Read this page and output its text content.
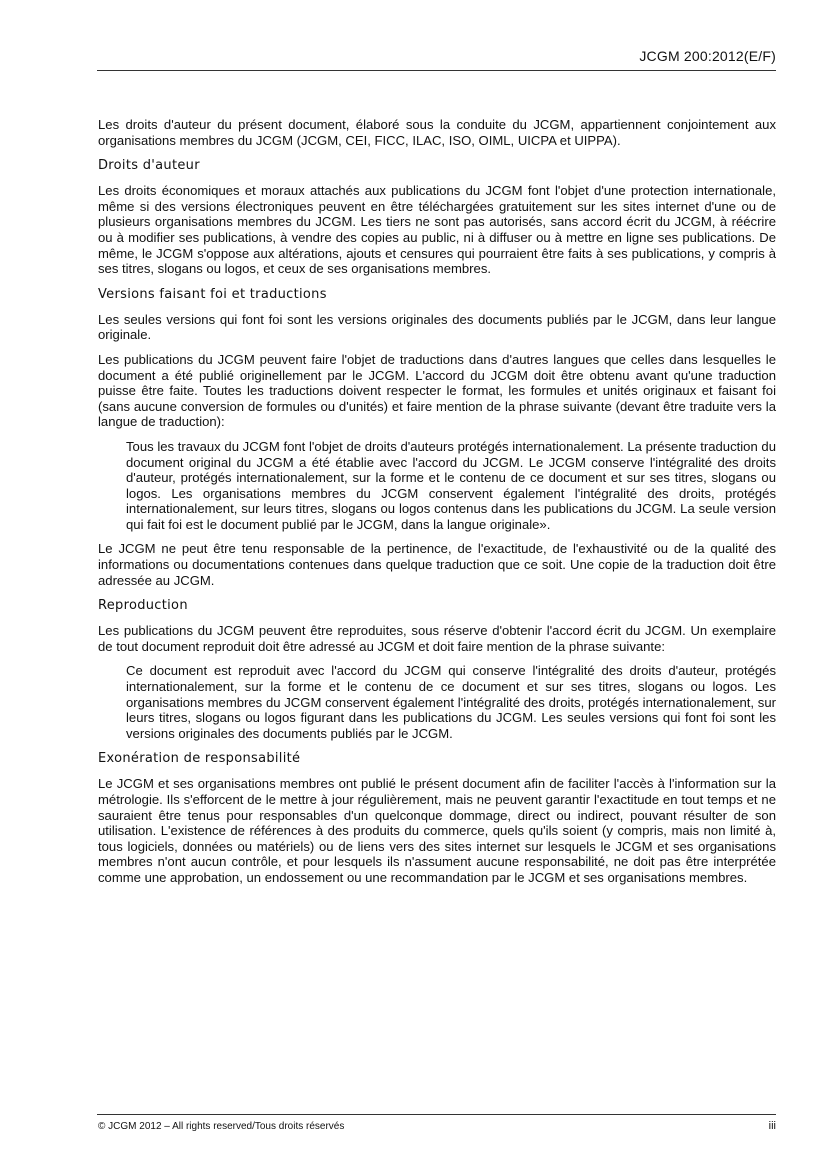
JCGM 200:2012(E/F)

Les droits d'auteur du présent document, élaboré sous la conduite du JCGM, appartiennent conjointement aux organisations membres du JCGM (JCGM, CEI, FICC, ILAC, ISO, OIML, UICPA et UIPPA).

Droits d'auteur

Les droits économiques et moraux attachés aux publications du JCGM font l'objet d'une protection internationale, même si des versions électroniques peuvent en être téléchargées gratuitement sur les sites internet d'une ou de plusieurs organisations membres du JCGM. Les tiers ne sont pas autorisés, sans accord écrit du JCGM, à réécrire ou à modifier ses publications, à vendre des copies au public, ni à diffuser ou à mettre en ligne ses publications. De même, le JCGM s'oppose aux altérations, ajouts et censures qui pourraient être faits à ses publications, y compris à ses titres, slogans ou logos, et ceux de ses organisations membres.

Versions faisant foi et traductions

Les seules versions qui font foi sont les versions originales des documents publiés par le JCGM, dans leur langue originale.

Les publications du JCGM peuvent faire l'objet de traductions dans d'autres langues que celles dans lesquelles le document a été publié originellement par le JCGM. L'accord du JCGM doit être obtenu avant qu'une traduction puisse être faite. Toutes les traductions doivent respecter le format, les formules et unités originaux et faisant foi (sans aucune conversion de formules ou d'unités) et faire mention de la phrase suivante (devant être traduite vers la langue de traduction):

Tous les travaux du JCGM font l'objet de droits d'auteurs protégés internationalement. La présente traduction du document original du JCGM a été établie avec l'accord du JCGM. Le JCGM conserve l'intégralité des droits d'auteur, protégés internationalement, sur la forme et le contenu de ce document et sur ses titres, slogans ou logos. Les organisations membres du JCGM conservent également l'intégralité des droits, protégés internationalement, sur leurs titres, slogans ou logos contenus dans les publications du JCGM. La seule version qui fait foi est le document publié par le JCGM, dans la langue originale».

Le JCGM ne peut être tenu responsable de la pertinence, de l'exactitude, de l'exhaustivité ou de la qualité des informations ou documentations contenues dans quelque traduction que ce soit. Une copie de la traduction doit être adressée au JCGM.

Reproduction

Les publications du JCGM peuvent être reproduites, sous réserve d'obtenir l'accord écrit du JCGM. Un exemplaire de tout document reproduit doit être adressé au JCGM et doit faire mention de la phrase suivante:

Ce document est reproduit avec l'accord du JCGM qui conserve l'intégralité des droits d'auteur, protégés internationalement, sur la forme et le contenu de ce document et sur ses titres, slogans ou logos. Les organisations membres du JCGM conservent également l'intégralité des droits, protégés internationalement, sur leurs titres, slogans ou logos figurant dans les publications du JCGM. Les seules versions qui font foi sont les versions originales des documents publiés par le JCGM.

Exonération de responsabilité

Le JCGM et ses organisations membres ont publié le présent document afin de faciliter l'accès à l'information sur la métrologie. Ils s'efforcent de le mettre à jour régulièrement, mais ne peuvent garantir l'exactitude en tout temps et ne sauraient être tenus pour responsables d'un quelconque dommage, direct ou indirect, pouvant résulter de son utilisation. L'existence de références à des produits du commerce, quels qu'ils soient (y compris, mais non limité à, tous logiciels, données ou matériels) ou de liens vers des sites internet sur lesquels le JCGM et ses organisations membres n'ont aucun contrôle, et pour lesquels ils n'assument aucune responsabilité, ne doit pas être interprétée comme une approbation, un endossement ou une recommandation par le JCGM et ses organisations membres.

© JCGM 2012 – All rights reserved/Tous droits réservés	iii
